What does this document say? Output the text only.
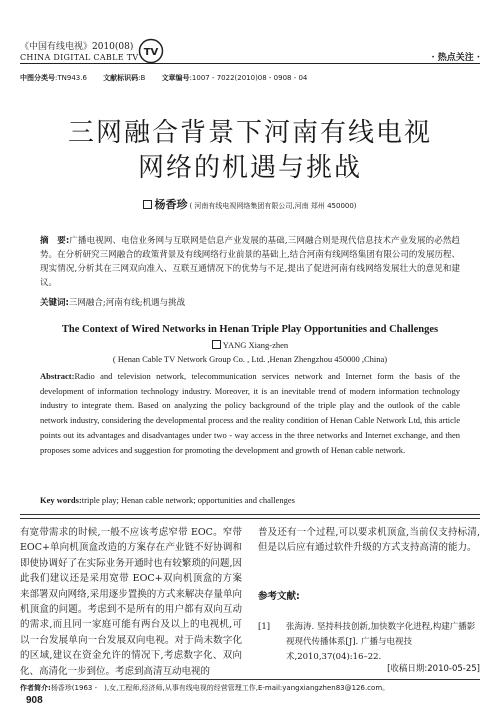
《中国有线电视》2010(08)
CHINA DIGITAL CABLE TV TV	· 热点关注 ·
中图分类号:TN943.6 文献标识码:B 文章编号:1007 - 7022(2010)08 - 0908 - 04
三网融合背景下河南有线电视
网络的机遇与挑战
杨香珍 ( 河南有线电视网络集团有限公司,河南 郑州 450000)
摘　要:广播电视网、电信业务网与互联网是信息产业发展的基础,三网融合则是现代信息技术产业发展的必然趋势。在分析研究三网融合的政策背景及有线网络行业前景的基础上,结合河南有线网络集团有限公司的发展历程、现实情况,分析其在三网双向准入、互联互通情况下的优势与不足,提出了促进河南有线网络发展壮大的意见和建议。
关键词:三网融合;河南有线;机遇与挑战
The Context of Wired Networks in Henan Triple Play Opportunities and Challenges
YANG Xiang-zhen
( Henan Cable TV Network Group Co. , Ltd. ,Henan Zhengzhou 450000 ,China)
Abstract:Radio and television network, telecommunication services network and Internet form the basis of the development of information technology industry. Moreover, it is an inevitable trend of modern information technology industry to integrate them. Based on analyzing the policy background of the triple play and the outlook of the cable network industry, considering the developmental process and the reality condition of Henan Cable Network Ltd, this article points out its advantages and disadvantages under two - way access in the three networks and Internet exchange, and then proposes some advices and suggestion for promoting the development and growth of Henan cable network.
Key words:triple play; Henan cable network; opportunities and challenges
有宽带需求的时候,一般不应该考虑窄带 EOC。窄带 EOC+单向机顶盒改造的方案存在产业链不好协调和即使协调好了在实际业务开通时也有较繁琐的问题,因此我们建议还是采用宽带 EOC+双向机顶盒的方案来部署双向网络,采用逐步置换的方式来解决存量单向机顶盒的问题。考虑到不是所有的用户都有双向互动的需求,而且同一家庭可能有两台及以上的电视机,可以一台发展单向一台发展双向电视。对于尚未数字化的区域,建议在资金允许的情况下,考虑数字化、双向化、高清化一步到位。考虑到高清互动电视的
普及还有一个过程,可以要求机顶盒,当前仅支持标清,但是以后应有通过软件升级的方式支持高清的能力。
参考文献:
[1] 张海涛. 坚持科技创新,加快数字化进程,构建广播影视现代传播体系[J]. 广播与电视技术,2010,37(04):16–22.
[收稿日期:2010-05-25]
作者简介:杨香珍(1963 -　),女,工程师,经济师,从事有线电视的经营管理工作,E-mail:yangxiangzhen83@126.com。
908
